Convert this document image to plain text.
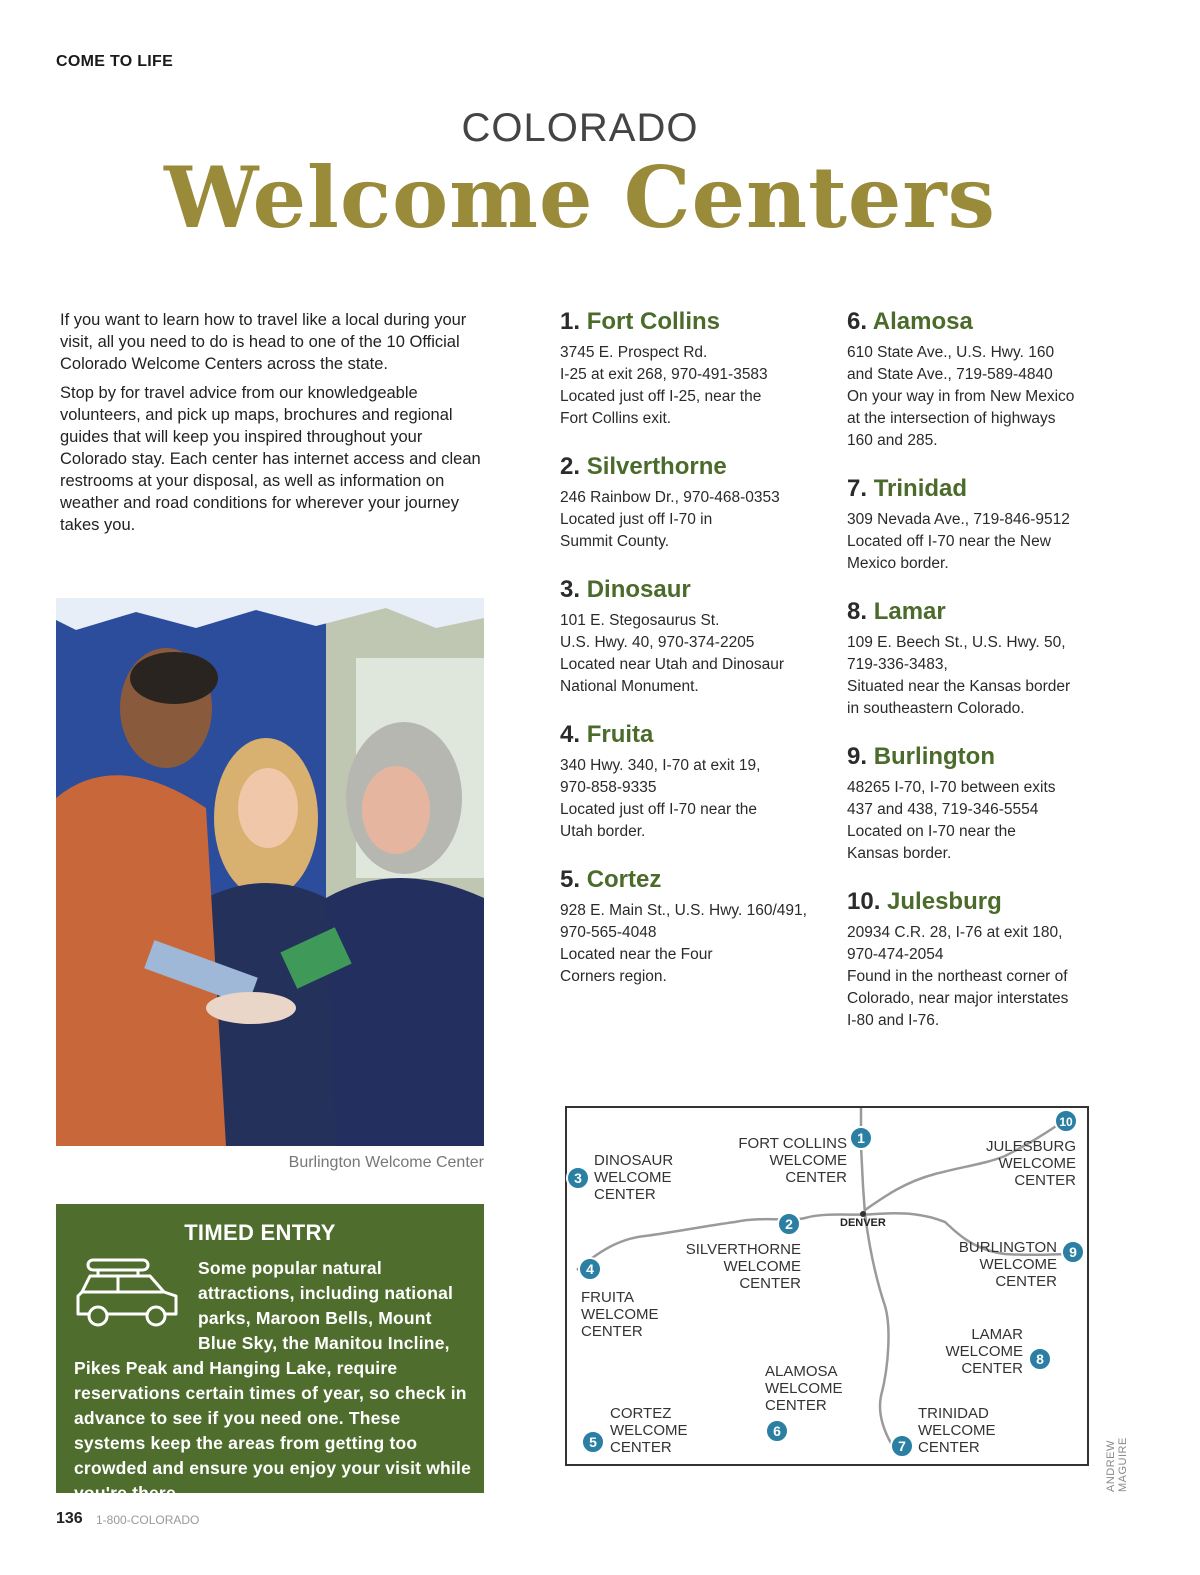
COME TO LIFE
COLORADO
Welcome Centers

If you want to learn how to travel like a local during your visit, all you need to do is head to one of the 10 Official Colorado Welcome Centers across the state.

Stop by for travel advice from our knowledgeable volunteers, and pick up maps, brochures and regional guides that will keep you inspired throughout your Colorado stay. Each center has internet access and clean restrooms at your disposal, as well as information on weather and road conditions for wherever your journey takes you.

Burlington Welcome Center
TIMED ENTRY
Some popular natural attractions, including national parks, Maroon Bells, Mount Blue Sky, the Manitou Incline, Pikes Peak and Hanging Lake, require reservations certain times of year, so check in advance to see if you need one. These systems keep the areas from getting too crowded and ensure you enjoy your visit while you're there.
1. Fort Collins
3745 E. Prospect Rd.
I-25 at exit 268, 970-491-3583
Located just off I-25, near the
Fort Collins exit.
2. Silverthorne
246 Rainbow Dr., 970-468-0353
Located just off I-70 in
Summit County.
3. Dinosaur
101 E. Stegosaurus St.
U.S. Hwy. 40, 970-374-2205
Located near Utah and Dinosaur
National Monument.
4. Fruita
340 Hwy. 340, I-70 at exit 19,
970-858-9335
Located just off I-70 near the
Utah border.
5. Cortez
928 E. Main St., U.S. Hwy. 160/491,
970-565-4048
Located near the Four
Corners region.
6. Alamosa
610 State Ave., U.S. Hwy. 160
and State Ave., 719-589-4840
On your way in from New Mexico
at the intersection of highways
160 and 285.
7. Trinidad
309 Nevada Ave., 719-846-9512
Located off I-70 near the New
Mexico border.
8. Lamar
109 E. Beech St., U.S. Hwy. 50,
719-336-3483,
Situated near the Kansas border
in southeastern Colorado.
9. Burlington
48265 I-70, I-70 between exits
437 and 438, 719-346-5554
Located on I-70 near the
Kansas border.
10. Julesburg
20934 C.R. 28, I-76 at exit 180,
970-474-2054
Found in the northeast corner of
Colorado, near major interstates
I-80 and I-76.
DENVER
FORT COLLINS WELCOME CENTER
SILVERTHORNE WELCOME CENTER
DINOSAUR WELCOME CENTER
FRUITA WELCOME CENTER
CORTEZ WELCOME CENTER
ALAMOSA WELCOME CENTER	TRINIDAD WELCOME CENTER
LAMAR WELCOME CENTER
BURLINGTON WELCOME CENTER
JULESBURG WELCOME CENTER
1
2
3
4
5
6
7
8
9
10
ANDREW MAGUIRE
136 1-800-COLORADO
